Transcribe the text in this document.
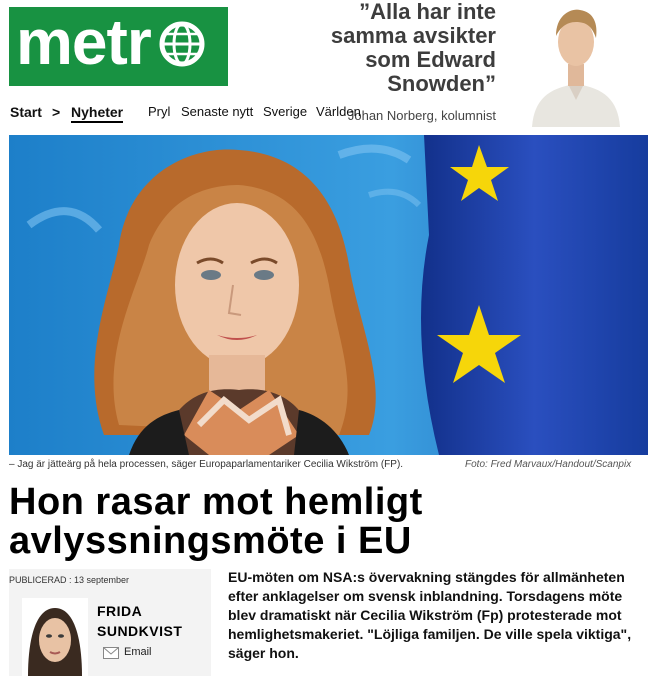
metr	”Alla har inte samma avsikter som Edward Snowden”
Johan Norberg, kolumnist
Start > Nyheter Pryl Senaste nytt Sverige Världen
– Jag är jätteärg på hela processen, säger Europaparlamentariker Cecilia Wikström (FP).	Foto: Fred Marvaux/Handout/Scanpix
Hon rasar mot hemligt avlyssningsmöte i EU
PUBLICERAD : 13 september
FRIDA
SUNDKVIST
Email
EU-möten om NSA:s övervakning stängdes för allmänheten efter anklagelser om svensk inblandning. Torsdagens möte blev dramatiskt när Cecilia Wikström (Fp) protesterade mot hemlighetsmakeriet. "Löjliga familjen. De ville spela viktiga", säger hon.
